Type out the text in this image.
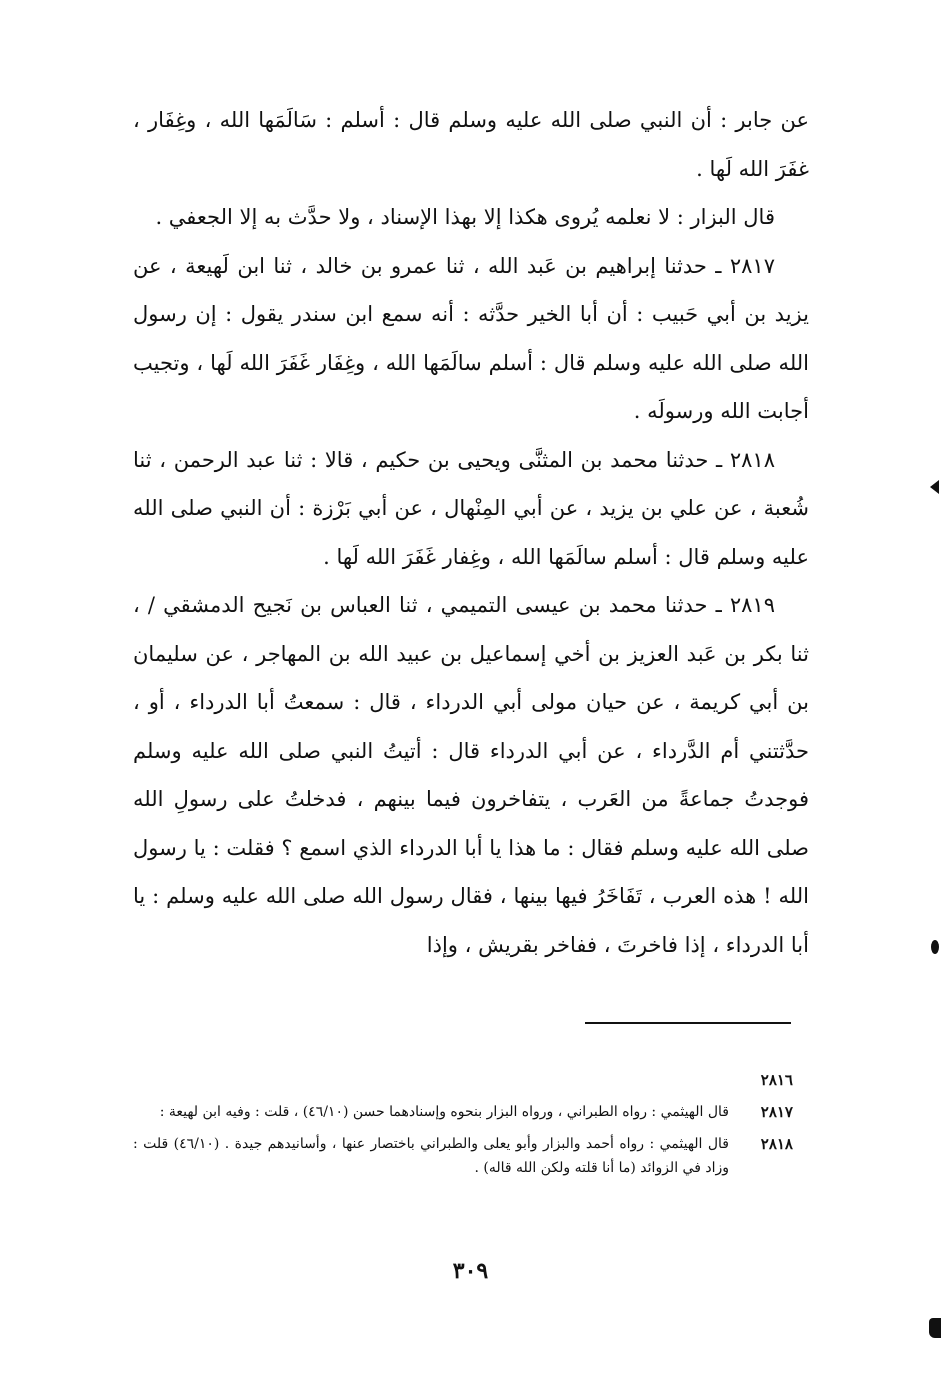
عن جابر : أن النبي صلى الله عليه وسلم قال : أسلم : سَالَمَها الله ، وغِفَار ، غفَرَ الله لَها .

قال البزار : لا نعلمه يُروى هكذا إلا بهذا الإسناد ، ولا حدَّث به إلا الجعفي .

٢٨١٧ ـ حدثنا إبراهيم بن عَبد الله ، ثنا عمرو بن خالد ، ثنا ابن لَهيعة ، عن يزيد بن أبي حَبيب : أن أبا الخير حدَّثه : أنه سمع ابن سندر يقول : إن رسول الله صلى الله عليه وسلم قال : أسلم سالَمَها الله ، وغِفَار غَفَرَ الله لَها ، وتجيب أجابت الله ورسولَه .

٢٨١٨ ـ حدثنا محمد بن المثنَّى ويحيى بن حكيم ، قالا : ثنا عبد الرحمن ، ثنا شُعبة ، عن علي بن يزيد ، عن أبي المِنْهال ، عن أبي بَرْزة : أن النبي صلى الله عليه وسلم قال : أسلم سالَمَها الله ، وغِفار غَفَرَ الله لَها .

٢٨١٩ ـ حدثنا محمد بن عيسى التميمي ، ثنا العباس بن نَجيح الدمشقي / ، ثنا بكر بن عَبد العزيز بن أخي إسماعيل بن عبيد الله بن المهاجر ، عن سليمان بن أبي كريمة ، عن حيان مولى أبي الدرداء ، قال : سمعتُ أبا الدرداء ، أو ، حدَّثتني أم الدَّرداء ، عن أبي الدرداء قال : أتيتُ النبي صلى الله عليه وسلم فوجدتُ جماعةً من العَرب ، يتفاخرون فيما بينهم ، فدخلتُ على رسولِ الله صلى الله عليه وسلم فقال : ما هذا يا أبا الدرداء الذي اسمع ؟ فقلت : يا رسول الله ! هذه العرب ، تَفَاخَرُ فيها بينها ، فقال رسول الله صلى الله عليه وسلم : يا أبا الدرداء ، إذا فاخرتَ ، ففاخر بقريش ، وإذا

٢٨١٦
٢٨١٧
قال الهيثمي : رواه الطبراني ، ورواه البزار بنحوه وإسنادهما حسن (٤٦/١٠) ، قلت : وفيه ابن لهيعة :
٢٨١٨
قال الهيثمي : رواه أحمد والبزار وأبو يعلى والطبراني باختصار عنها ، وأسانيدهم جيدة . (٤٦/١٠) قلت : وزاد في الزوائد (ما أنا قلته ولكن الله قاله) .
٣٠٩
